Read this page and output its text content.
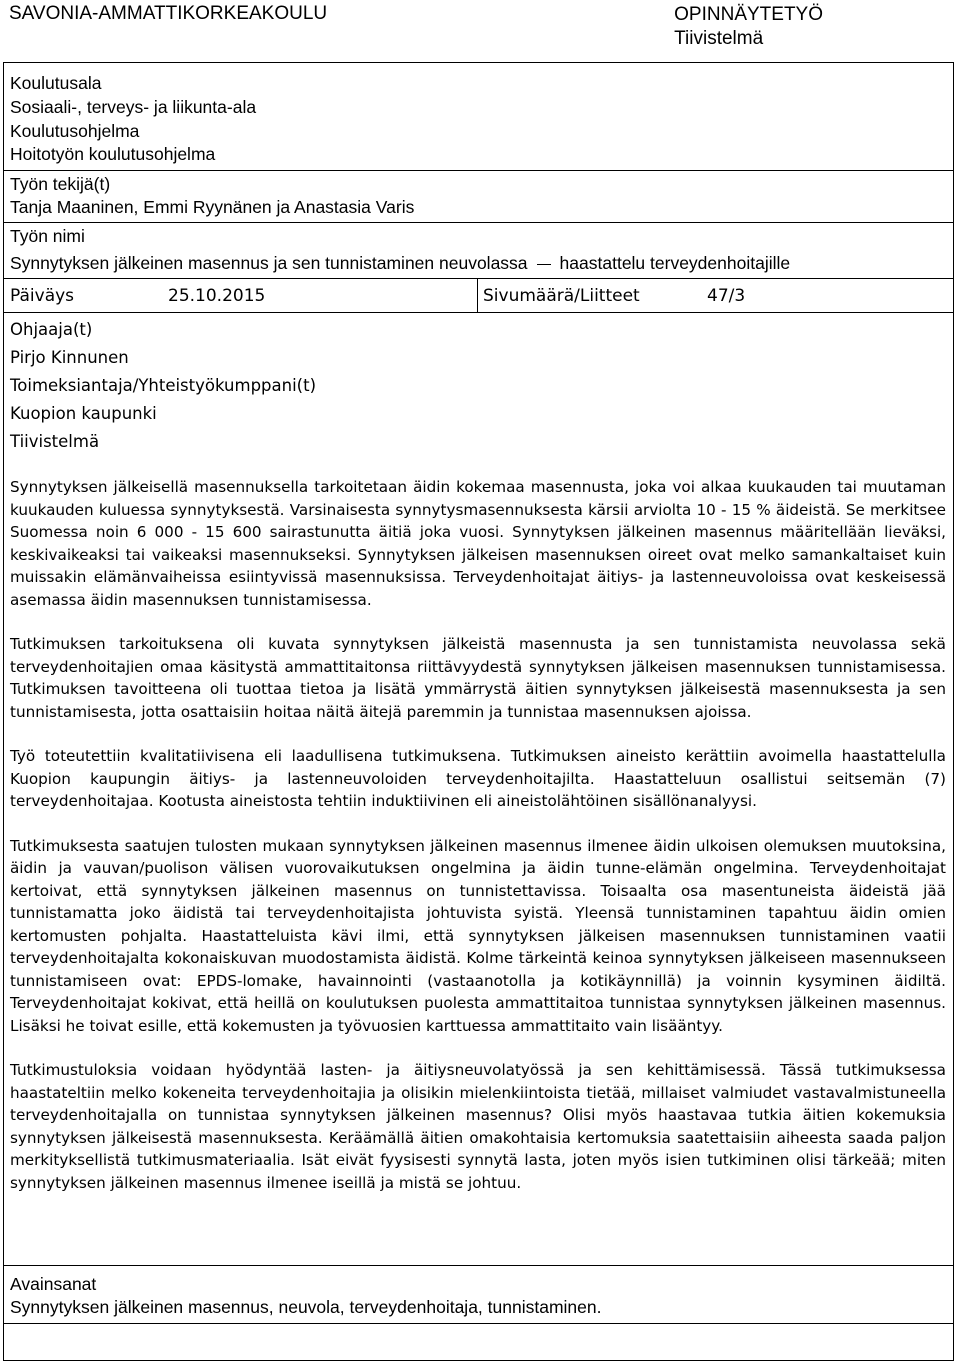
SAVONIA-AMMATTIKORKEAKOULU	OPINNÄYTETYÖ
Tiivistelmä
Koulutusala
Sosiaali-, terveys- ja liikunta-ala
Koulutusohjelma
Hoitotyön koulutusohjelma
Työn tekijä(t)
Tanja Maaninen, Emmi Ryynänen ja Anastasia Varis
Työn nimi
Synnytyksen jälkeinen masennus ja sen tunnistaminen neuvolassa haastattelu terveydenhoitajille
Päiväys	25.10.2015	Sivumäärä/Liitteet	47/3
Ohjaaja(t)
Pirjo Kinnunen
Toimeksiantaja/Yhteistyökumppani(t)
Kuopion kaupunki
Tiivistelmä

Synnytyksen jälkeisellä masennuksella tarkoitetaan äidin kokemaa masennusta, joka voi alkaa kuukauden tai muutaman kuukauden kuluessa synnytyksestä. Varsinaisesta synnytysmasennuksesta kärsii arviolta 10 - 15 % äideistä. Se merkitsee Suomessa noin 6 000 - 15 600 sairastunutta äitiä joka vuosi. Synnytyksen jälkeinen masennus määritellään lieväksi, keskivaikeaksi tai vaikeaksi masennukseksi. Synnytyksen jälkeisen masennuksen oireet ovat melko samankaltaiset kuin muissakin elämänvaiheissa esiintyvissä masennuksissa. Terveydenhoitajat äitiys- ja lastenneuvoloissa ovat keskeisessä asemassa äidin masennuksen tunnistamisessa.

Tutkimuksen tarkoituksena oli kuvata synnytyksen jälkeistä masennusta ja sen tunnistamista neuvolassa sekä terveydenhoitajien omaa käsitystä ammattitaitonsa riittävyydestä synnytyksen jälkeisen masennuksen tunnistamisessa. Tutkimuksen tavoitteena oli tuottaa tietoa ja lisätä ymmärrystä äitien synnytyksen jälkeisestä masennuksesta ja sen tunnistamisesta, jotta osattaisiin hoitaa näitä äitejä paremmin ja tunnistaa masennuksen ajoissa.

Työ toteutettiin kvalitatiivisena eli laadullisena tutkimuksena. Tutkimuksen aineisto kerättiin avoimella haastattelulla Kuopion kaupungin äitiys- ja lastenneuvoloiden terveydenhoitajilta. Haastatteluun osallistui seitsemän (7) terveydenhoitajaa. Kootusta aineistosta tehtiin induktiivinen eli aineistolähtöinen sisällönanalyysi.

Tutkimuksesta saatujen tulosten mukaan synnytyksen jälkeinen masennus ilmenee äidin ulkoisen olemuksen muutoksina, äidin ja vauvan/puolison välisen vuorovaikutuksen ongelmina ja äidin tunne-elämän ongelmina. Terveydenhoitajat kertoivat, että synnytyksen jälkeinen masennus on tunnistettavissa. Toisaalta osa masentuneista äideistä jää tunnistamatta joko äidistä tai terveydenhoitajista johtuvista syistä. Yleensä tunnistaminen tapahtuu äidin omien kertomusten pohjalta. Haastatteluista kävi ilmi, että synnytyksen jälkeisen masennuksen tunnistaminen vaatii terveydenhoitajalta kokonaiskuvan muodostamista äidistä. Kolme tärkeintä keinoa synnytyksen jälkeiseen masennukseen tunnistamiseen ovat: EPDS-lomake, havainnointi (vastaanotolla ja kotikäynnillä) ja voinnin kysyminen äidiltä. Terveydenhoitajat kokivat, että heillä on koulutuksen puolesta ammattitaitoa tunnistaa synnytyksen jälkeinen masennus. Lisäksi he toivat esille, että kokemusten ja työvuosien karttuessa ammattitaito vain lisääntyy.

Tutkimustuloksia voidaan hyödyntää lasten- ja äitiysneuvolatyössä ja sen kehittämisessä. Tässä tutkimuksessa haastateltiin melko kokeneita terveydenhoitajia ja olisikin mielenkiintoista tietää, millaiset valmiudet vastavalmistuneella terveydenhoitajalla on tunnistaa synnytyksen jälkeinen masennus? Olisi myös haastavaa tutkia äitien kokemuksia synnytyksen jälkeisestä masennuksesta. Keräämällä äitien omakohtaisia kertomuksia saatettaisiin aiheesta saada paljon merkityksellistä tutkimusmateriaalia. Isät eivät fyysisesti synnytä lasta, joten myös isien tutkiminen olisi tärkeää; miten synnytyksen jälkeinen masennus ilmenee iseillä ja mistä se johtuu.

Avainsanat
Synnytyksen jälkeinen masennus, neuvola, terveydenhoitaja, tunnistaminen.
